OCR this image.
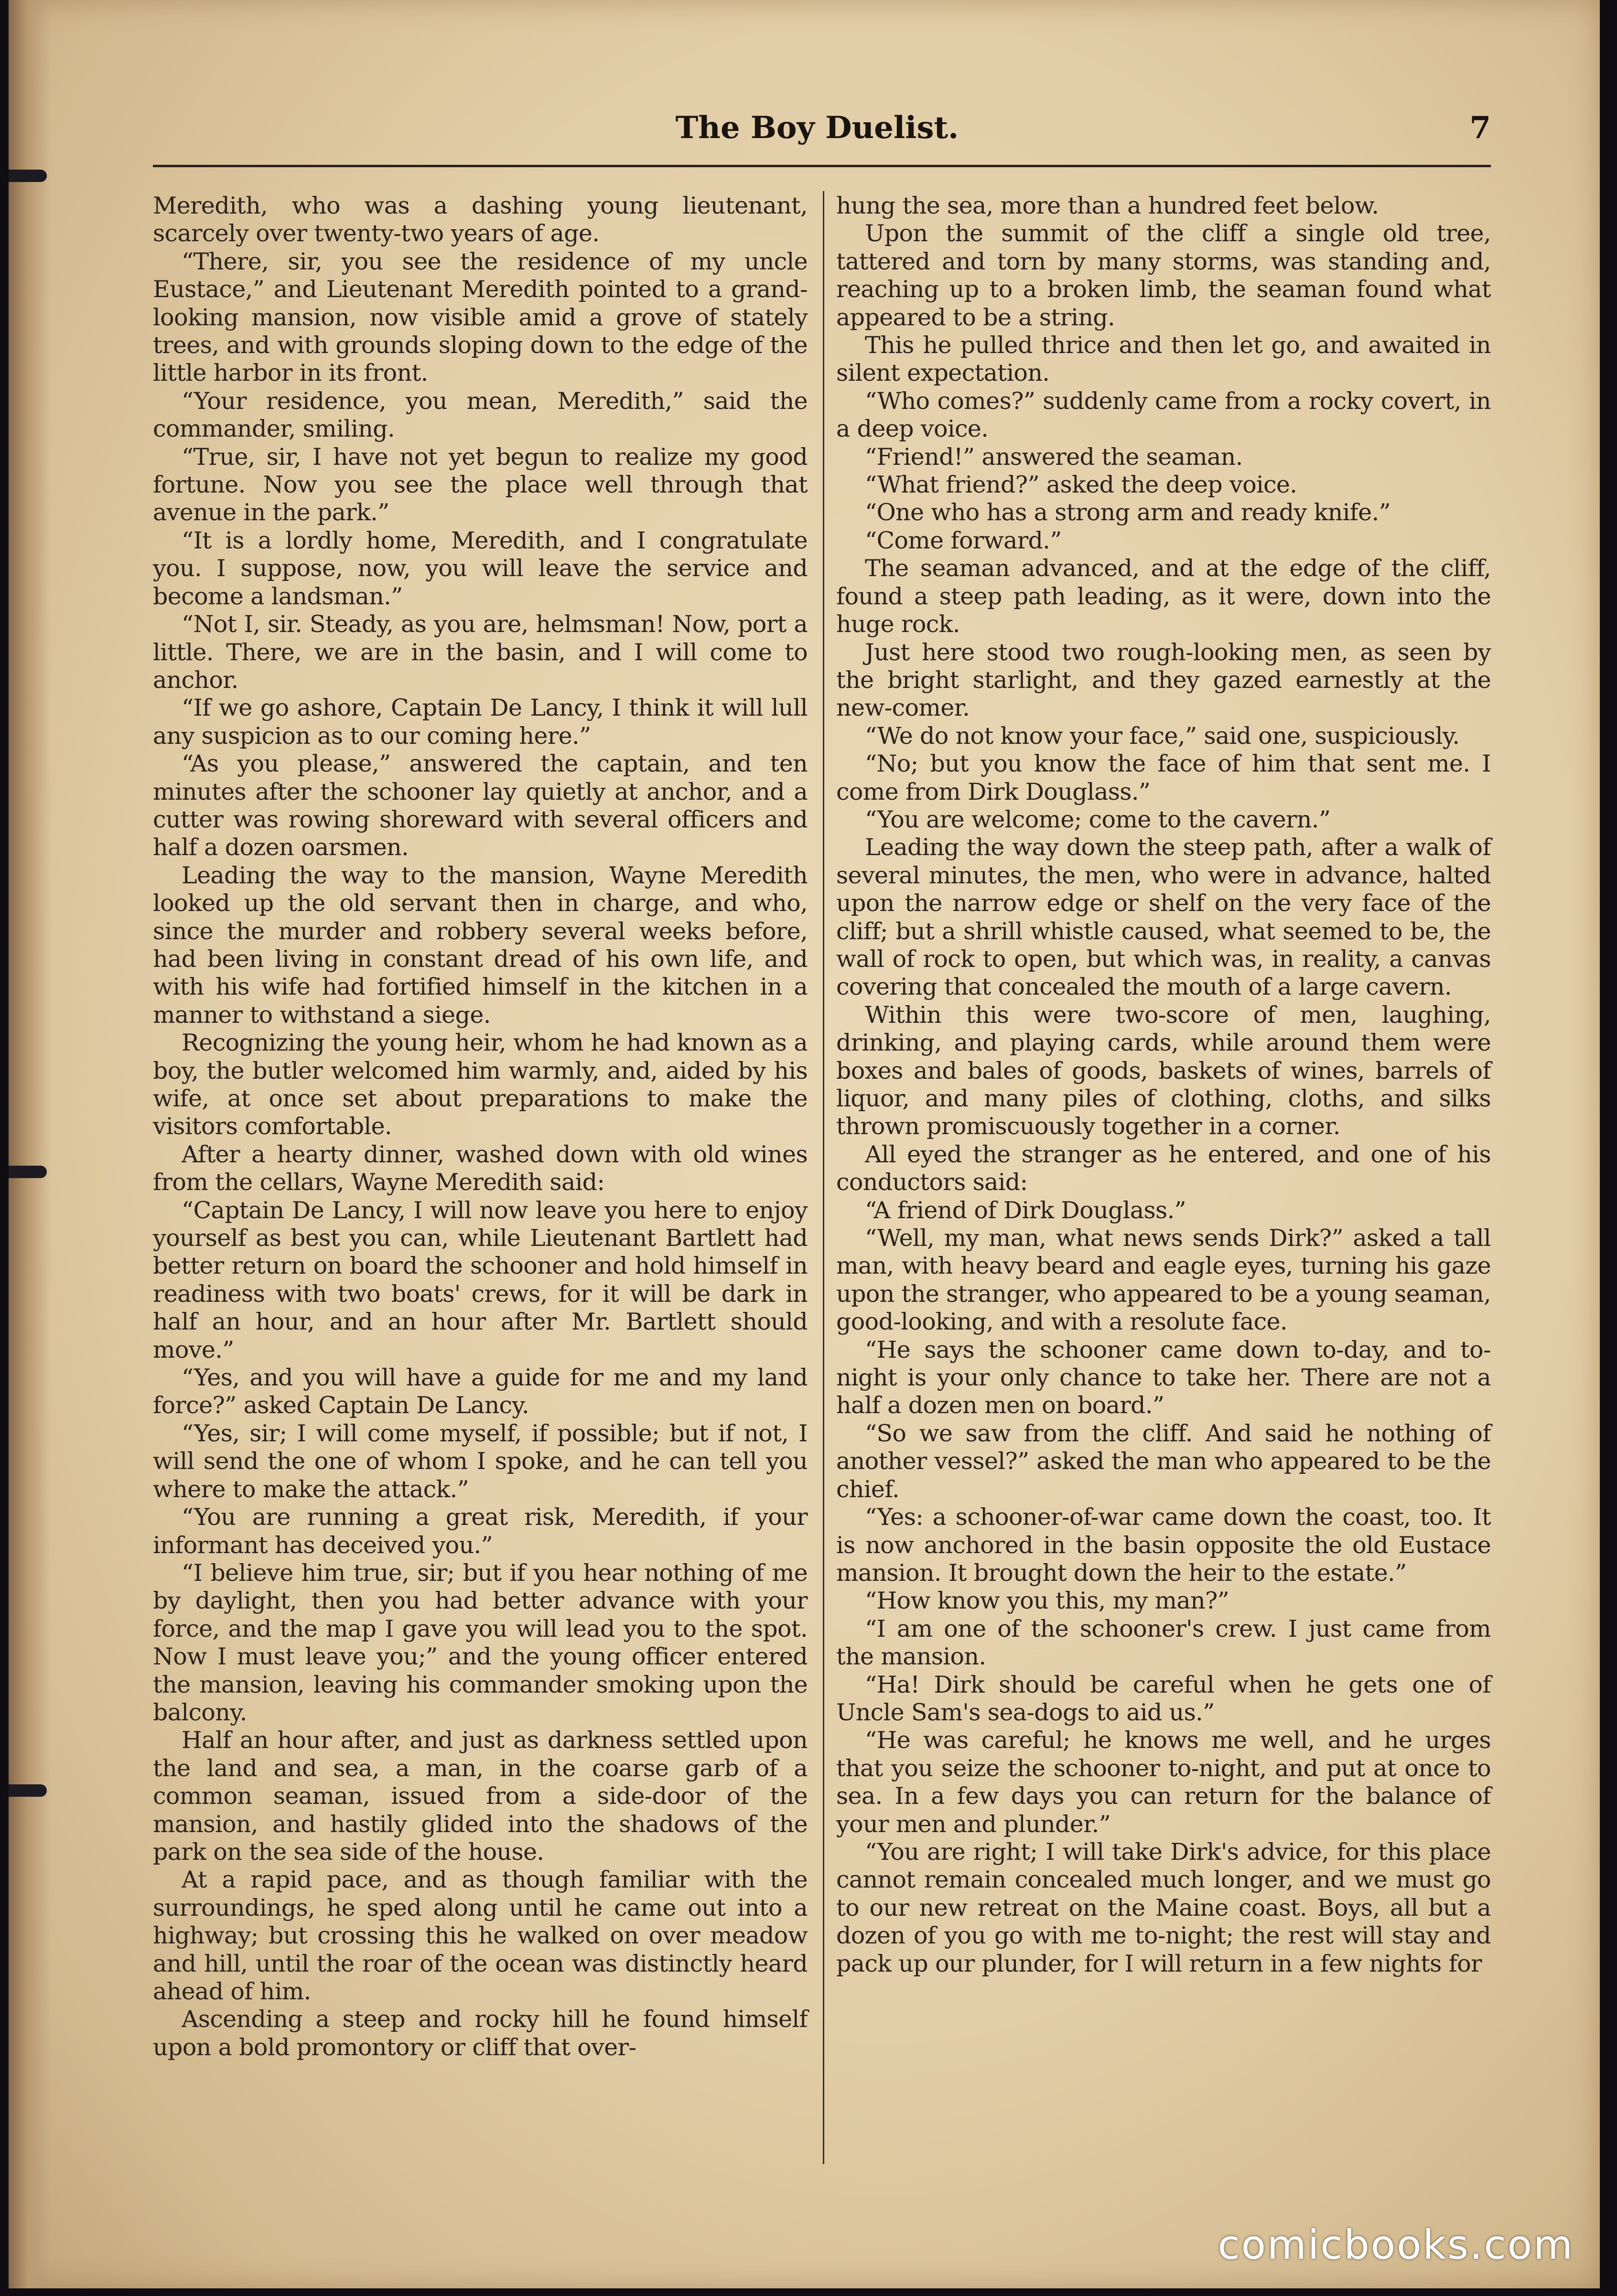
The Boy Duelist.	7

Meredith, who was a dashing young lieutenant, scarcely over twenty-two years of age.

“There, sir, you see the residence of my uncle Eustace,” and Lieutenant Meredith pointed to a grand-looking mansion, now visible amid a grove of stately trees, and with grounds sloping down to the edge of the little harbor in its front.

“Your residence, you mean, Meredith,” said the commander, smiling.

“True, sir, I have not yet begun to realize my good fortune. Now you see the place well through that avenue in the park.”

“It is a lordly home, Meredith, and I congratulate you. I suppose, now, you will leave the service and become a landsman.”

“Not I, sir. Steady, as you are, helmsman! Now, port a little. There, we are in the basin, and I will come to anchor.

“If we go ashore, Captain De Lancy, I think it will lull any suspicion as to our coming here.”

“As you please,” answered the captain, and ten minutes after the schooner lay quietly at anchor, and a cutter was rowing shoreward with several officers and half a dozen oarsmen.

Leading the way to the mansion, Wayne Meredith looked up the old servant then in charge, and who, since the murder and robbery several weeks before, had been living in constant dread of his own life, and with his wife had fortified himself in the kitchen in a manner to withstand a siege.

Recognizing the young heir, whom he had known as a boy, the butler welcomed him warmly, and, aided by his wife, at once set about preparations to make the visitors comfortable.

After a hearty dinner, washed down with old wines from the cellars, Wayne Meredith said:

“Captain De Lancy, I will now leave you here to enjoy yourself as best you can, while Lieutenant Bartlett had better return on board the schooner and hold himself in readiness with two boats' crews, for it will be dark in half an hour, and an hour after Mr. Bartlett should move.”

“Yes, and you will have a guide for me and my land force?” asked Captain De Lancy.

“Yes, sir; I will come myself, if possible; but if not, I will send the one of whom I spoke, and he can tell you where to make the attack.”

“You are running a great risk, Meredith, if your informant has deceived you.”

“I believe him true, sir; but if you hear nothing of me by daylight, then you had better advance with your force, and the map I gave you will lead you to the spot. Now I must leave you;” and the young officer entered the mansion, leaving his commander smoking upon the balcony.

Half an hour after, and just as darkness settled upon the land and sea, a man, in the coarse garb of a common seaman, issued from a side-door of the mansion, and hastily glided into the shadows of the park on the sea side of the house.

At a rapid pace, and as though familiar with the surroundings, he sped along until he came out into a highway; but crossing this he walked on over meadow and hill, until the roar of the ocean was distinctly heard ahead of him.

Ascending a steep and rocky hill he found himself upon a bold promontory or cliff that over-

hung the sea, more than a hundred feet below.

Upon the summit of the cliff a single old tree, tattered and torn by many storms, was standing and, reaching up to a broken limb, the seaman found what appeared to be a string.

This he pulled thrice and then let go, and awaited in silent expectation.

“Who comes?” suddenly came from a rocky covert, in a deep voice.

“Friend!” answered the seaman.

“What friend?” asked the deep voice.

“One who has a strong arm and ready knife.”

“Come forward.”

The seaman advanced, and at the edge of the cliff, found a steep path leading, as it were, down into the huge rock.

Just here stood two rough-looking men, as seen by the bright starlight, and they gazed earnestly at the new-comer.

“We do not know your face,” said one, suspiciously.

“No; but you know the face of him that sent me. I come from Dirk Douglass.”

“You are welcome; come to the cavern.”

Leading the way down the steep path, after a walk of several minutes, the men, who were in advance, halted upon the narrow edge or shelf on the very face of the cliff; but a shrill whistle caused, what seemed to be, the wall of rock to open, but which was, in reality, a canvas covering that concealed the mouth of a large cavern.

Within this were two-score of men, laughing, drinking, and playing cards, while around them were boxes and bales of goods, baskets of wines, barrels of liquor, and many piles of clothing, cloths, and silks thrown promiscuously together in a corner.

All eyed the stranger as he entered, and one of his conductors said:

“A friend of Dirk Douglass.”

“Well, my man, what news sends Dirk?” asked a tall man, with heavy beard and eagle eyes, turning his gaze upon the stranger, who appeared to be a young seaman, good-looking, and with a resolute face.

“He says the schooner came down to-day, and to-night is your only chance to take her. There are not a half a dozen men on board.”

“So we saw from the cliff. And said he nothing of another vessel?” asked the man who appeared to be the chief.

“Yes: a schooner-of-war came down the coast, too. It is now anchored in the basin opposite the old Eustace mansion. It brought down the heir to the estate.”

“How know you this, my man?”

“I am one of the schooner's crew. I just came from the mansion.

“Ha! Dirk should be careful when he gets one of Uncle Sam's sea-dogs to aid us.”

“He was careful; he knows me well, and he urges that you seize the schooner to-night, and put at once to sea. In a few days you can return for the balance of your men and plunder.”

“You are right; I will take Dirk's advice, for this place cannot remain concealed much longer, and we must go to our new retreat on the Maine coast. Boys, all but a dozen of you go with me to-night; the rest will stay and pack up our plunder, for I will return in a few nights for

comicbooks.com
